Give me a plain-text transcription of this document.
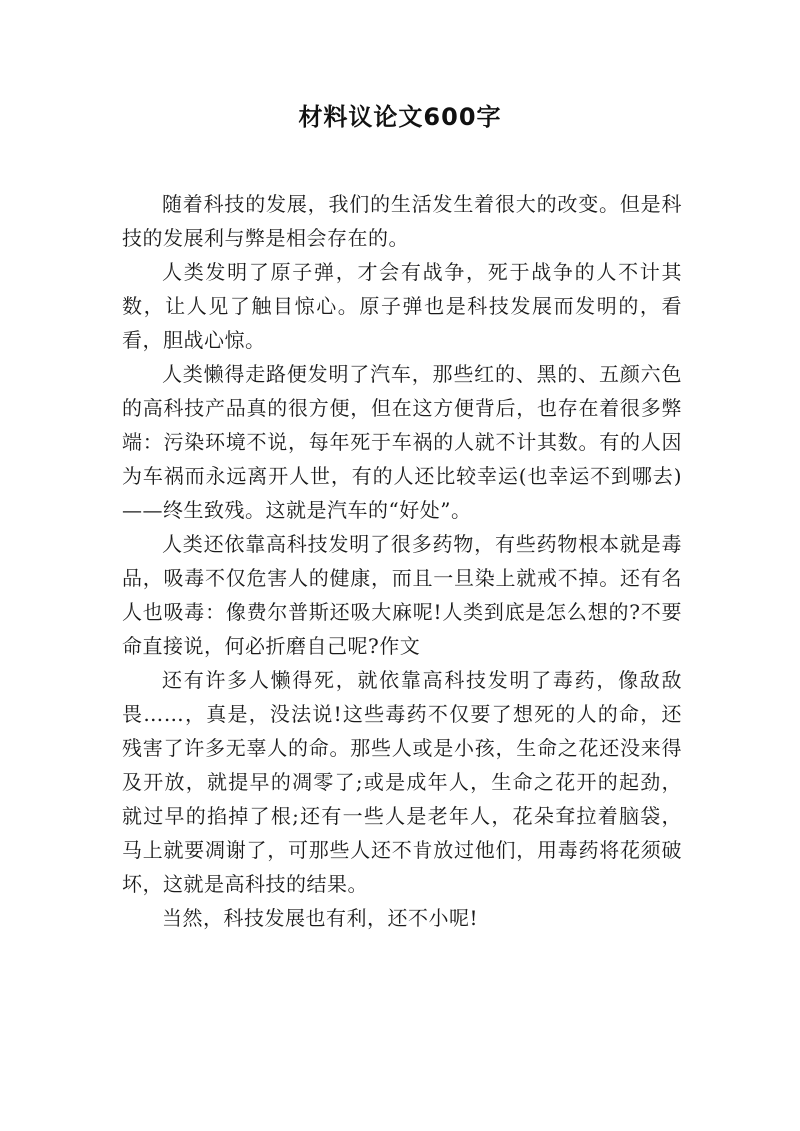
材料议论文600字

随着科技的发展，我们的生活发生着很大的改变。但是科技的发展利与弊是相会存在的。

人类发明了原子弹，才会有战争，死于战争的人不计其数，让人见了触目惊心。原子弹也是科技发展而发明的，看看，胆战心惊。

人类懒得走路便发明了汽车，那些红的、黑的、五颜六色的高科技产品真的很方便，但在这方便背后，也存在着很多弊端：污染环境不说，每年死于车祸的人就不计其数。有的人因为车祸而永远离开人世，有的人还比较幸运(也幸运不到哪去)——终生致残。这就是汽车的“好处”。

人类还依靠高科技发明了很多药物，有些药物根本就是毒品，吸毒不仅危害人的健康，而且一旦染上就戒不掉。还有名人也吸毒：像费尔普斯还吸大麻呢!人类到底是怎么想的?不要命直接说，何必折磨自己呢?作文

还有许多人懒得死，就依靠高科技发明了毒药，像敌敌畏……，真是，没法说!这些毒药不仅要了想死的人的命，还残害了许多无辜人的命。那些人或是小孩，生命之花还没来得及开放，就提早的凋零了;或是成年人，生命之花开的起劲，就过早的掐掉了根;还有一些人是老年人，花朵耷拉着脑袋，马上就要凋谢了，可那些人还不肯放过他们，用毒药将花须破坏，这就是高科技的结果。

当然，科技发展也有利，还不小呢!
